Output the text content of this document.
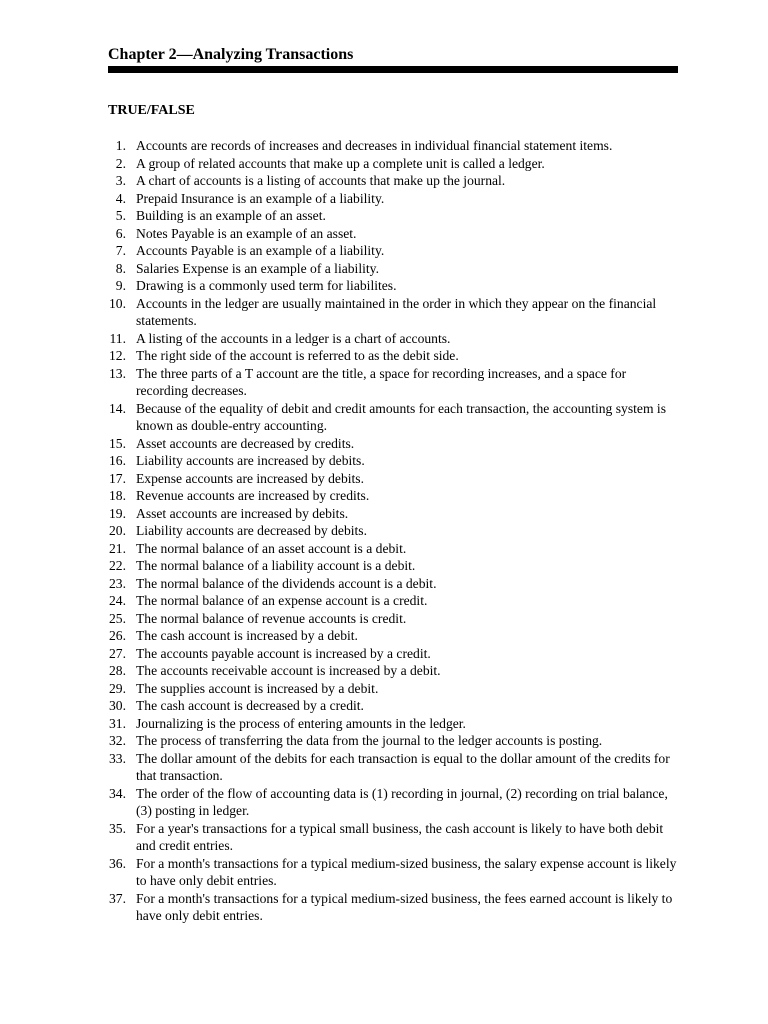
Chapter 2—Analyzing Transactions
TRUE/FALSE
1. Accounts are records of increases and decreases in individual financial statement items.
2. A group of related accounts that make up a complete unit is called a ledger.
3. A chart of accounts is a listing of accounts that make up the journal.
4. Prepaid Insurance is an example of a liability.
5. Building is an example of an asset.
6. Notes Payable is an example of an asset.
7. Accounts Payable is an example of a liability.
8. Salaries Expense is an example of a liability.
9. Drawing is a commonly used term for liabilites.
10. Accounts in the ledger are usually maintained in the order in which they appear on the financial statements.
11. A listing of the accounts in a ledger is a chart of accounts.
12. The right side of the account is referred to as the debit side.
13. The three parts of a T account are the title, a space for recording increases, and a space for recording decreases.
14. Because of the equality of debit and credit amounts for each transaction, the accounting system is known as double-entry accounting.
15. Asset accounts are decreased by credits.
16. Liability accounts are increased by debits.
17. Expense accounts are increased by debits.
18. Revenue accounts are increased by credits.
19. Asset accounts are increased by debits.
20. Liability accounts are decreased by debits.
21. The normal balance of an asset account is a debit.
22. The normal balance of a liability account is a debit.
23. The normal balance of the dividends account is a debit.
24. The normal balance of an expense account is a credit.
25. The normal balance of revenue accounts is credit.
26. The cash account is increased by a debit.
27. The accounts payable account is increased by a credit.
28. The accounts receivable account is increased by a debit.
29. The supplies account is increased by a debit.
30. The cash account is decreased by a credit.
31. Journalizing is the process of entering amounts in the ledger.
32. The process of transferring the data from the journal to the ledger accounts is posting.
33. The dollar amount of the debits for each transaction is equal to the dollar amount of the credits for that transaction.
34. The order of the flow of accounting data is (1) recording in journal, (2) recording on trial balance, (3) posting in ledger.
35. For a year's transactions for a typical small business, the cash account is likely to have both debit and credit entries.
36. For a month's transactions for a typical medium-sized business, the salary expense account is likely to have only debit entries.
37. For a month's transactions for a typical medium-sized business, the fees earned account is likely to have only debit entries.
